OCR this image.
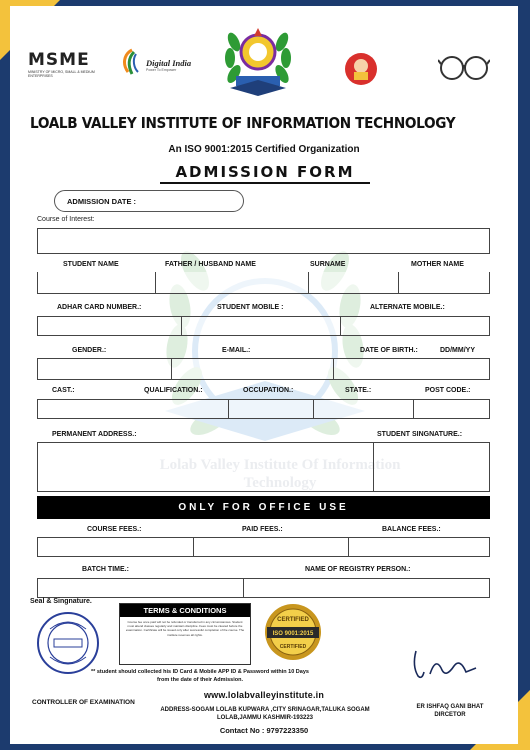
MSME
MINISTRY OF MICRO, SMALL & MEDIUM ENTERPRISES
Digital India
Power To Empower
LOALB VALLEY INSTITUTE OF INFORMATION TECHNOLOGY
An ISO 9001:2015 Certified Organization
ADMISSION FORM
ADMISSION DATE :
Course of Interest:
STUDENT NAME	FATHER / HUSBAND NAME	SURNAME	MOTHER NAME
ADHAR CARD NUMBER.:	STUDENT MOBILE :	ALTERNATE MOBILE.:
GENDER.:	E-MAIL.:	DATE OF BIRTH.:	DD/MM/YY
CAST.:	QUALIFICATION.:	OCCUPATION.:	STATE.:	POST CODE.:
PERMANENT ADDRESS.:	STUDENT SINGNATURE.:
ONLY FOR OFFICE USE
COURSE FEES.:	PAID FEES.:	BALANCE FEES.:
BATCH TIME.:	NAME OF REGISTRY PERSON.:
Seal & Singnature.
TERMS & CONDITIONS
Course fee once paid will not be refunded or transferred in any circumstances. Student must attend classes regularly and maintain discipline. Fees must be cleared before the examination. Certificate will be issued only after successful completion of the course. The institute reserves all rights.
CERTIFIED
ISO 9001:2015
CERTIFIED
** student should collected his ID Card & Mobile APP ID & Password within 10 Days from the date of their Admission.
CONTROLLER OF EXAMINATION
www.lolabvalleyinstitute.in
ADDRESS-SOGAM LOLAB KUPWARA ,CITY SRINAGAR,TALUKA SOGAM LOLAB,JAMMU KASHMIR-193223
Contact No : 9797223350
ER ISHFAQ GANI BHAT
DIRCETOR
